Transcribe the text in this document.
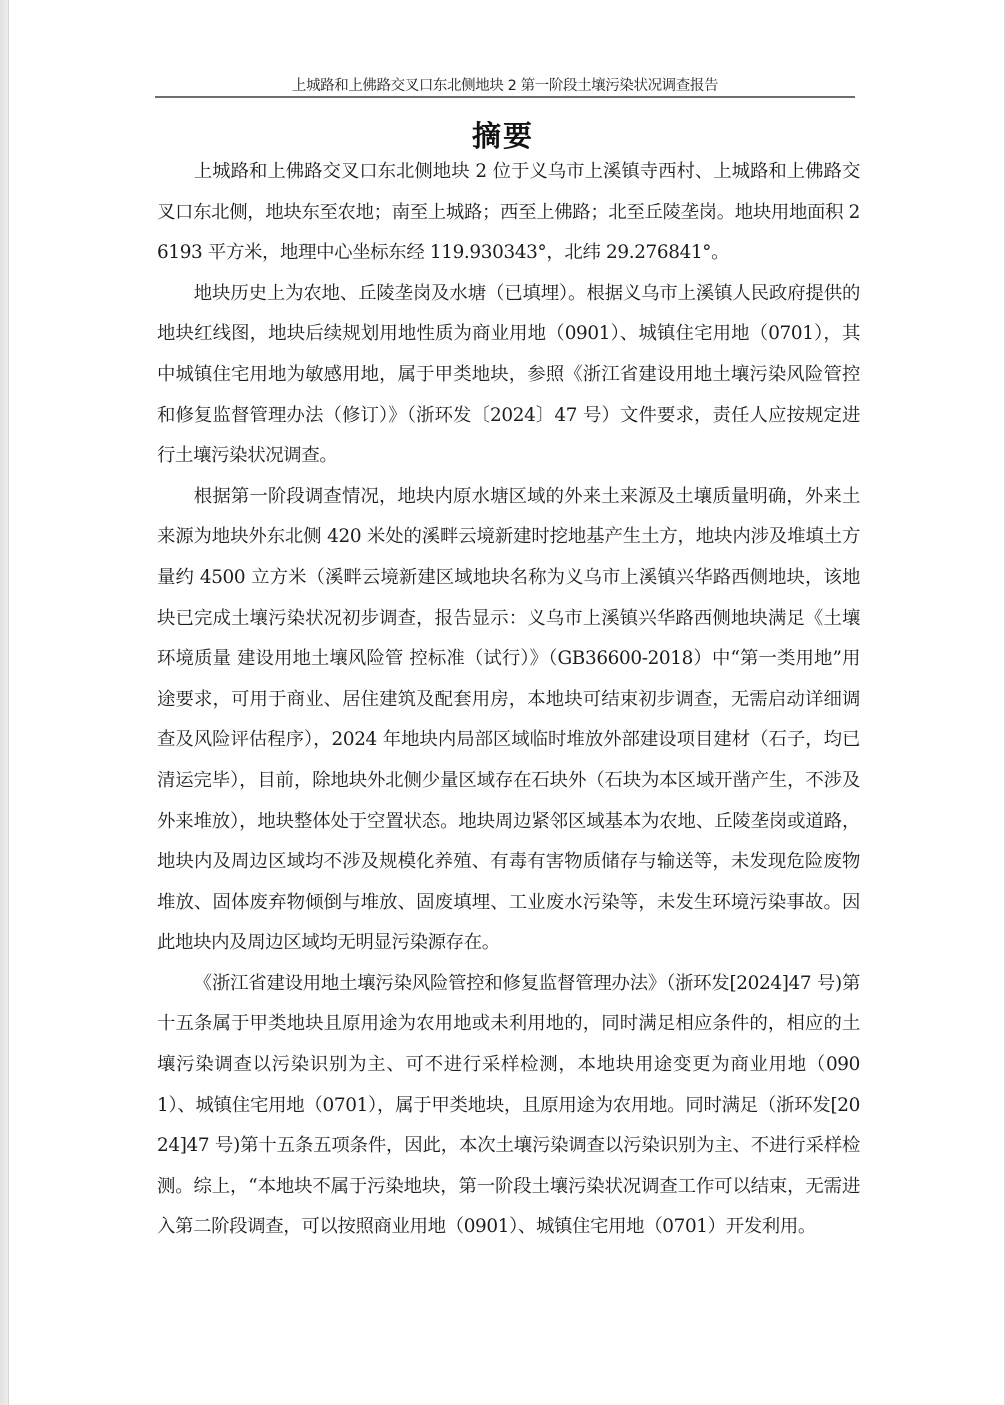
上城路和上佛路交叉口东北侧地块 2 第一阶段土壤污染状况调查报告
摘要

上城路和上佛路交叉口东北侧地块 2 位于义乌市上溪镇寺西村、上城路和上佛路交叉口东北侧，地块东至农地；南至上城路；西至上佛路；北至丘陵垄岗。地块用地面积 26193 平方米，地理中心坐标东经 119.930343°，北纬 29.276841°。

地块历史上为农地、丘陵垄岗及水塘（已填埋）。根据义乌市上溪镇人民政府提供的地块红线图，地块后续规划用地性质为商业用地（0901）、城镇住宅用地（0701），其中城镇住宅用地为敏感用地，属于甲类地块，参照《浙江省建设用地土壤污染风险管控和修复监督管理办法（修订）》（浙环发〔2024〕47 号）文件要求，责任人应按规定进行土壤污染状况调查。

根据第一阶段调查情况，地块内原水塘区域的外来土来源及土壤质量明确，外来土来源为地块外东北侧 420 米处的溪畔云境新建时挖地基产生土方，地块内涉及堆填土方量约 4500 立方米（溪畔云境新建区域地块名称为义乌市上溪镇兴华路西侧地块，该地块已完成土壤污染状况初步调查，报告显示：义乌市上溪镇兴华路西侧地块满足《土壤环境质量 建设用地土壤风险管 控标准（试行）》（GB36600-2018）中“第一类用地”用途要求，可用于商业、居住建筑及配套用房，本地块可结束初步调查，无需启动详细调查及风险评估程序），2024 年地块内局部区域临时堆放外部建设项目建材（石子，均已清运完毕），目前，除地块外北侧少量区域存在石块外（石块为本区域开凿产生，不涉及外来堆放），地块整体处于空置状态。地块周边紧邻区域基本为农地、丘陵垄岗或道路，地块内及周边区域均不涉及规模化养殖、有毒有害物质储存与输送等，未发现危险废物堆放、固体废弃物倾倒与堆放、固废填埋、工业废水污染等，未发生环境污染事故。因此地块内及周边区域均无明显污染源存在。

《浙江省建设用地土壤污染风险管控和修复监督管理办法》（浙环发[2024]47 号)第十五条属于甲类地块且原用途为农用地或未利用地的，同时满足相应条件的，相应的土壤污染调查以污染识别为主、可不进行采样检测，本地块用途变更为商业用地（0901）、城镇住宅用地（0701），属于甲类地块，且原用途为农用地。同时满足（浙环发[2024]47 号)第十五条五项条件，因此，本次土壤污染调查以污染识别为主、不进行采样检测。综上，“本地块不属于污染地块，第一阶段土壤污染状况调查工作可以结束，无需进入第二阶段调查，可以按照商业用地（0901）、城镇住宅用地（0701）开发利用。
